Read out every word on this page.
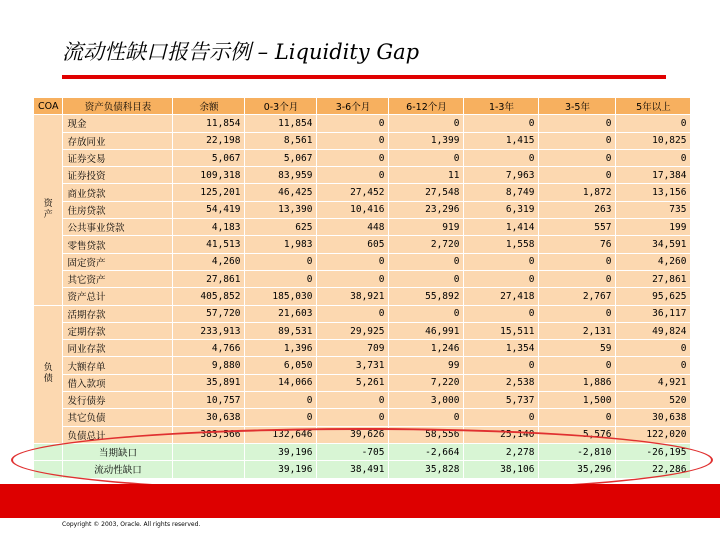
流动性缺口报告示例 – Liquidity Gap
COA	资产负债科目表	余额	0-3个月	3-6个月	6-12个月	1-3年	3-5年	5年以上
资
产	现金	11,854	11,854	0	0	0	0	0
	存放同业	22,198	8,561	0	1,399	1,415	0	10,825
	证券交易	5,067	5,067	0	0	0	0	0
	证券投资	109,318	83,959	0	11	7,963	0	17,384
	商业贷款	125,201	46,425	27,452	27,548	8,749	1,872	13,156
	住房贷款	54,419	13,390	10,416	23,296	6,319	263	735
	公共事业贷款	4,183	625	448	919	1,414	557	199
	零售贷款	41,513	1,983	605	2,720	1,558	76	34,591
	固定资产	4,260	0	0	0	0	0	4,260
	其它资产	27,861	0	0	0	0	0	27,861
	资产总计	405,852	185,030	38,921	55,892	27,418	2,767	95,625
负
债	活期存款	57,720	21,603	0	0	0	0	36,117
	定期存款	233,913	89,531	29,925	46,991	15,511	2,131	49,824
	同业存款	4,766	1,396	709	1,246	1,354	59	0
	大额存单	9,880	6,050	3,731	99	0	0	0
	借入款项	35,891	14,066	5,261	7,220	2,538	1,886	4,921
	发行债券	10,757	0	0	3,000	5,737	1,500	520
	其它负债	30,638	0	0	0	0	0	30,638
	负债总计	383,566	132,646	39,626	58,556	25,140	5,576	122,020
	当期缺口		39,196	-705	-2,664	2,278	-2,810	-26,195
	流动性缺口		39,196	38,491	35,828	38,106	35,296	22,286
Copyright © 2003, Oracle. All rights reserved.
